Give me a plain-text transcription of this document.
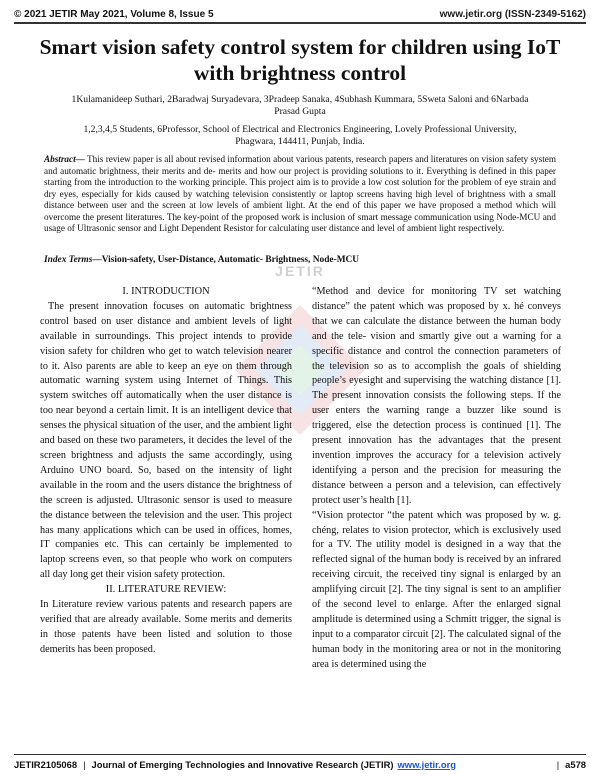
© 2021 JETIR May 2021, Volume 8, Issue 5	www.jetir.org (ISSN-2349-5162)
Smart vision safety control system for children using IoT with brightness control
1Kulamanideep Suthari, 2Baradwaj Suryadevara, 3Pradeep Sanaka, 4Subhash Kummara, 5Sweta Saloni and 6Narbada Prasad Gupta
1,2,3,4,5 Students, 6Professor, School of Electrical and Electronics Engineering, Lovely Professional University, Phagwara, 144411, Punjab, India.
Abstract— This review paper is all about revised information about various patents, research papers and literatures on vision safety system and automatic brightness, their merits and de- merits and how our project is providing solutions to it. Everything is defined in this paper starting from the introduction to the working principle. This project aim is to provide a low cost solution for the problem of eye strain and dry eyes, especially for kids caused by watching television consistently or laptop screens having high level of brightness with a small distance between user and the screen at low levels of ambient light. At the end of this paper we have proposed a method which will overcome the present literatures. The key-point of the proposed work is inclusion of smart message communication using Node-MCU and usage of Ultrasonic sensor and Light Dependent Resistor for calculating user distance and level of ambient light respectively.
Index Terms—Vision-safety, User-Distance, Automatic- Brightness, Node-MCU
JETIR

I. INTRODUCTION

The present innovation focuses on automatic brightness control based on user distance and ambient levels of light available in surroundings. This project intends to provide vision safety for children who get to watch television nearer to it. Also parents are able to keep an eye on them through automatic warning system using Internet of Things. This system switches off automatically when the user distance is too near beyond a certain limit. It is an intelligent device that senses the physical situation of the user, and the ambient light and based on these two parameters, it decides the level of the screen brightness and adjusts the same accordingly, using Arduino UNO board. So, based on the intensity of light available in the room and the users distance the brightness of the screen is adjusted. Ultrasonic sensor is used to measure the distance between the television and the user. This project has many applications which can be used in offices, homes, IT companies etc. This can certainly be implemented to laptop screens even, so that people who work on computers all day long get their vision safety protection.

II. LITERATURE REVIEW:

In Literature review various patents and research papers are verified that are already available. Some merits and demerits in those patents have been listed and solution to those demerits has been proposed.

“Method and device for monitoring TV set watching distance” the patent which was proposed by x. hé conveys that we can calculate the distance between the human body and the tele- vision and smartly give out a warning for a specific distance and control the connection parameters of the television so as to accomplish the goals of shielding people’s eyesight and supervising the watching distance [1]. The present innovation consists the following steps. If the user enters the warning range a buzzer like sound is triggered, else the detection process is continued [1]. The present innovation has the advantages that the present invention improves the accuracy for a television actively identifying a person and the precision for measuring the distance between a person and a television, can effectively protect user’s health [1].

“Vision protector “the patent which was proposed by w. g. chéng, relates to vision protector, which is exclusively used for a TV. The utility model is designed in a way that the reflected signal of the human body is received by an infrared receiving circuit, the received tiny signal is enlarged by an amplifying circuit [2]. The tiny signal is sent to an amplifier of the second level to enlarge. After the enlarged signal amplitude is determined using a Schmitt trigger, the signal is input to a comparator circuit [2]. The calculated signal of the human body in the monitoring area or not in the monitoring area is determined using the

JETIR2105068 | Journal of Emerging Technologies and Innovative Research (JETIR) www.jetir.org	| a578
